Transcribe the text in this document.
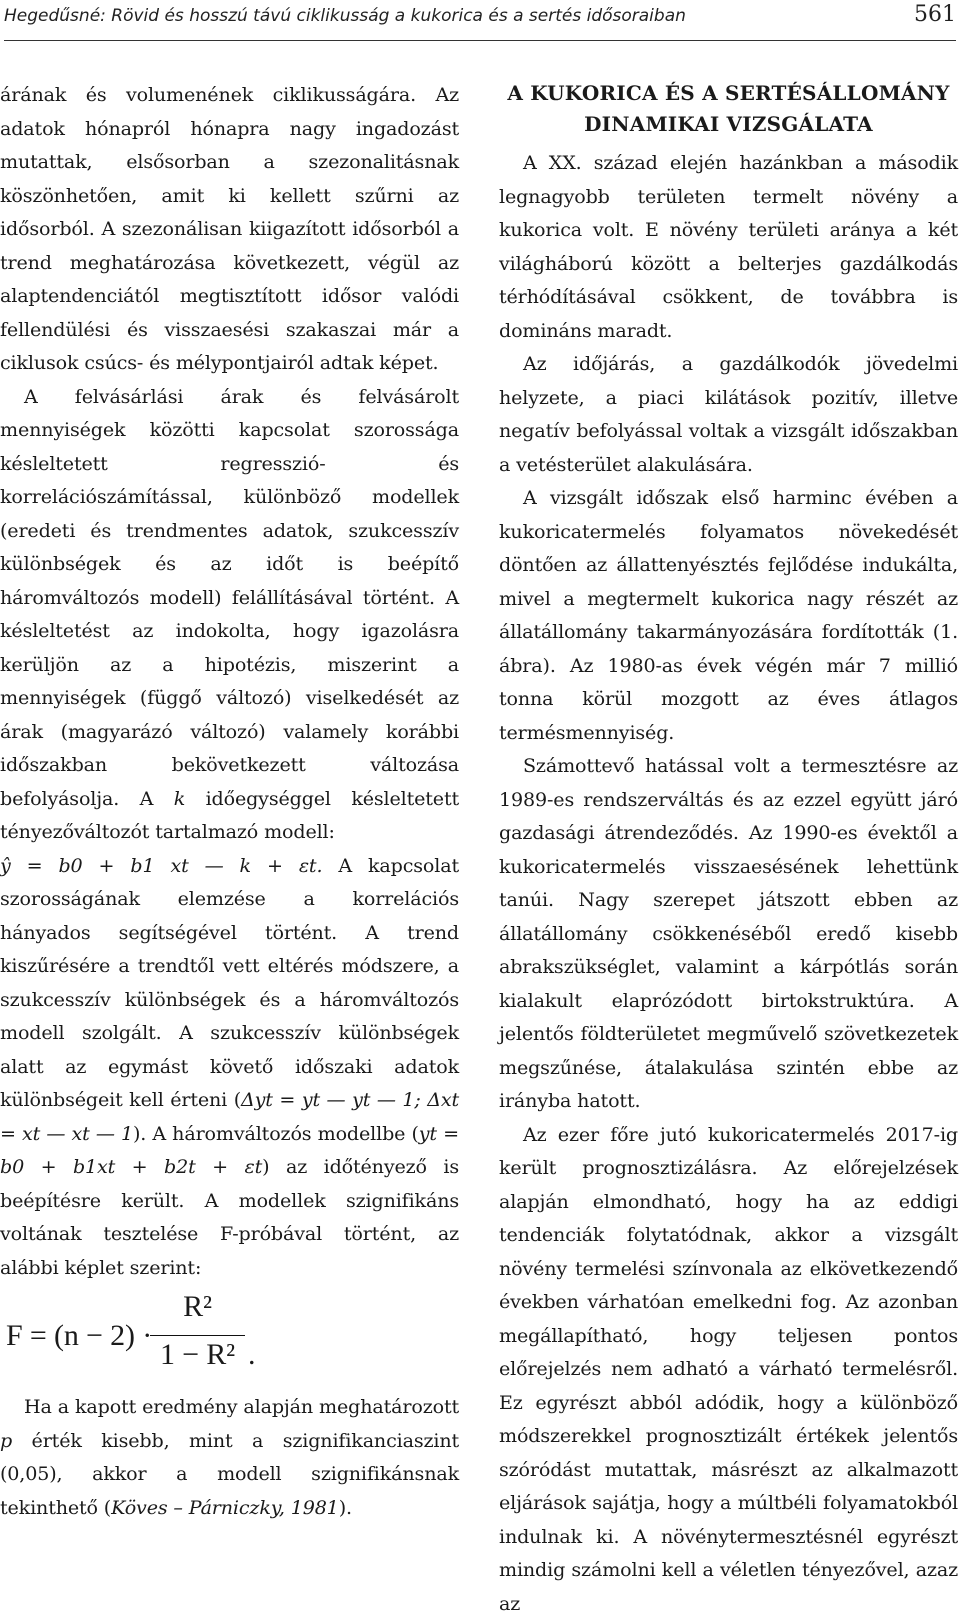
Hegedűsné: Rövid és hosszú távú ciklikusság a kukorica és a sertés idősoraiban	561

árának és volumenének ciklikusságára. Az adatok hónapról hónapra nagy ingadozást mutattak, elsősorban a szezonalitásnak köszönhetően, amit ki kellett szűrni az idősorból. A szezonálisan kiigazított idősorból a trend meghatározása következett, végül az alaptendenciától megtisztított idősor valódi fellendülési és visszaesési szakaszai már a ciklusok csúcs- és mélypontjairól adtak képet.

A felvásárlási árak és felvásárolt mennyiségek közötti kapcsolat szorossága késleltetett regresszió- és korrelációszámítással, különböző modellek (eredeti és trendmentes adatok, szukcesszív különbségek és az időt is beépítő háromváltozós modell) felállításával történt. A késleltetést az indokolta, hogy igazolásra kerüljön az a hipotézis, miszerint a mennyiségek (függő változó) viselkedését az árak (magyarázó változó) valamely korábbi időszakban bekövetkezett változása befolyásolja. A k időegységgel késleltetett tényezőváltozót tartalmazó modell:
ŷ = b0 + b1 xt — k + εt. A kapcsolat szorosságának elemzése a korrelációs hányados segítségével történt. A trend kiszűrésére a trendtől vett eltérés módszere, a szukcesszív különbségek és a háromváltozós modell szolgált. A szukcesszív különbségek alatt az egymást követő időszaki adatok különbségeit kell érteni (Δyt = yt — yt — 1; Δxt = xt — xt — 1). A háromváltozós modellbe (yt = b0 + b1xt + b2t + εt) az időtényező is beépítésre került. A modellek szignifikáns voltának tesztelése F-próbával történt, az alábbi képlet szerint:

F = (n − 2) ·
R²
1 − R² .

Ha a kapott eredmény alapján meghatározott p érték kisebb, mint a szignifikanciaszint (0,05), akkor a modell szignifikánsnak tekinthető (Köves – Párniczky, 1981).

A KUKORICA ÉS A SERTÉSÁLLOMÁNY DINAMIKAI VIZSGÁLATA

A XX. század elején hazánkban a második legnagyobb területen termelt növény a kukorica volt. E növény területi aránya a két világháború között a belterjes gazdálkodás térhódításával csökkent, de továbbra is domináns maradt.

Az időjárás, a gazdálkodók jövedelmi helyzete, a piaci kilátások pozitív, illetve negatív befolyással voltak a vizsgált időszakban a vetésterület alakulására.

A vizsgált időszak első harminc évében a kukoricatermelés folyamatos növekedését döntően az állattenyésztés fejlődése indukálta, mivel a megtermelt kukorica nagy részét az állatállomány takarmányozására fordították (1. ábra). Az 1980-as évek végén már 7 millió tonna körül mozgott az éves átlagos termésmennyiség.

Számottevő hatással volt a termesztésre az 1989-es rendszerváltás és az ezzel együtt járó gazdasági átrendeződés. Az 1990-es évektől a kukoricatermelés visszaesésének lehettünk tanúi. Nagy szerepet játszott ebben az állatállomány csökkenéséből eredő kisebb abrakszükséglet, valamint a kárpótlás során kialakult elaprózódott birtokstruktúra. A jelentős földterületet megművelő szövetkezetek megszűnése, átalakulása szintén ebbe az irányba hatott.

Az ezer főre jutó kukoricatermelés 2017-ig került prognosztizálásra. Az előrejelzések alapján elmondható, hogy ha az eddigi tendenciák folytatódnak, akkor a vizsgált növény termelési színvonala az elkövetkezendő években várhatóan emelkedni fog. Az azonban megállapítható, hogy teljesen pontos előrejelzés nem adható a várható termelésről. Ez egyrészt abból adódik, hogy a különböző módszerekkel prognosztizált értékek jelentős szóródást mutattak, másrészt az alkalmazott eljárások sajátja, hogy a múltbéli folyamatokból indulnak ki. A növénytermesztésnél egyrészt mindig számolni kell a véletlen tényezővel, azaz az
